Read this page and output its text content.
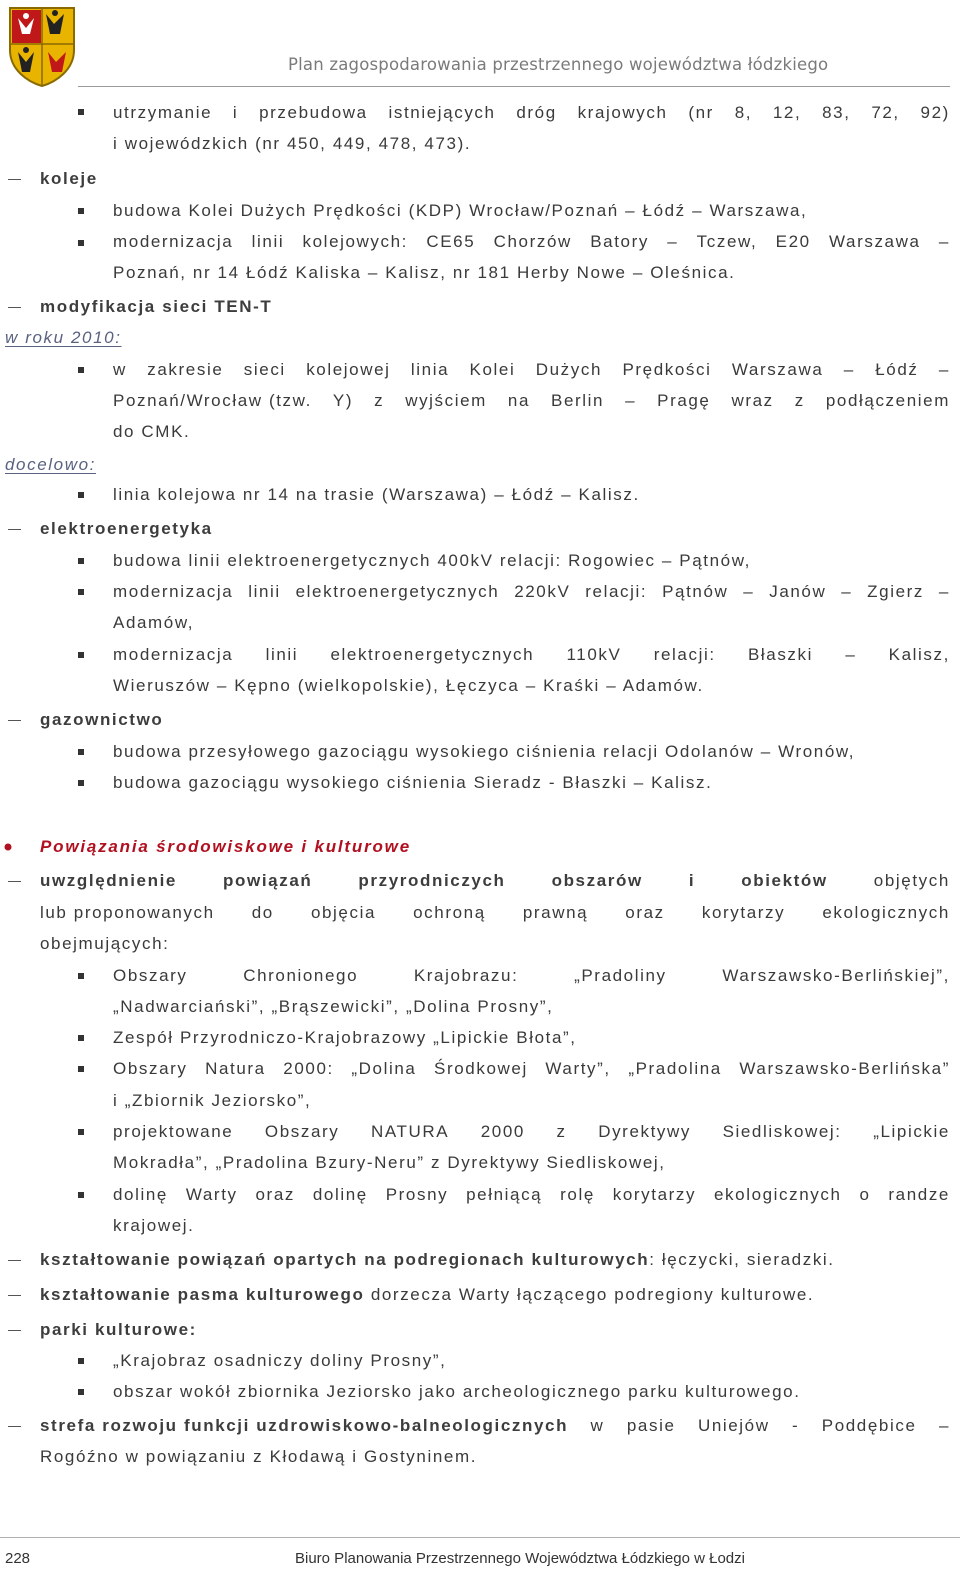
Plan zagospodarowania przestrzennego województwa łódzkiego
utrzymanie i przebudowa istniejących dróg krajowych (nr 8, 12, 83, 72, 92)
i wojewódzkich (nr 450, 449, 478, 473).
koleje
budowa Kolei Dużych Prędkości (KDP) Wrocław/Poznań – Łódź – Warszawa,
modernizacja linii kolejowych: CE65 Chorzów Batory – Tczew, E20 Warszawa –
Poznań, nr 14 Łódź Kaliska – Kalisz, nr 181 Herby Nowe – Oleśnica.
modyfikacja sieci TEN-T
w roku 2010:
w zakresie sieci kolejowej linia Kolei Dużych Prędkości Warszawa – Łódź –
Poznań/Wrocław (tzw. Y) z wyjściem na Berlin – Pragę wraz z podłączeniem
do CMK.
docelowo:
linia kolejowa nr 14 na trasie (Warszawa) – Łódź – Kalisz.
elektroenergetyka
budowa linii elektroenergetycznych 400kV relacji: Rogowiec – Pątnów,
modernizacja linii elektroenergetycznych 220kV relacji: Pątnów – Janów – Zgierz –
Adamów,
modernizacja linii elektroenergetycznych 110kV relacji: Błaszki – Kalisz,
Wieruszów – Kępno (wielkopolskie), Łęczyca – Kraśki – Adamów.
gazownictwo
budowa przesyłowego gazociągu wysokiego ciśnienia relacji Odolanów – Wronów,
budowa gazociągu wysokiego ciśnienia Sieradz - Błaszki – Kalisz.
Powiązania środowiskowe i kulturowe
uwzględnienie	powiązań	przyrodniczych	obszarów	i	obiektów	objętych
lub proponowanych do objęcia ochroną prawną oraz korytarzy ekologicznych
obejmujących:
Obszary	Chronionego	Krajobrazu:	„Pradoliny	Warszawsko-Berlińskiej”,
„Nadwarciański”, „Brąszewicki”, „Dolina Prosny”,
Zespół Przyrodniczo-Krajobrazowy „Lipickie Błota”,
Obszary Natura 2000: „Dolina Środkowej Warty”, „Pradolina Warszawsko-Berlińska”
i „Zbiornik Jeziorsko”,
projektowane Obszary NATURA 2000 z Dyrektywy Siedliskowej: „Lipickie
Mokradła”, „Pradolina Bzury-Neru” z Dyrektywy Siedliskowej,
dolinę Warty oraz dolinę Prosny pełniącą rolę korytarzy ekologicznych o randze
krajowej.
kształtowanie powiązań opartych na podregionach kulturowych: łęczycki, sieradzki.
kształtowanie pasma kulturowego dorzecza Warty łączącego podregiony kulturowe.
parki kulturowe:
„Krajobraz osadniczy doliny Prosny”,
obszar wokół zbiornika Jeziorsko jako archeologicznego parku kulturowego.
strefa rozwoju funkcji uzdrowiskowo-balneologicznych w pasie Uniejów - Poddębice –
Rogóźno w powiązaniu z Kłodawą i Gostyninem.
228	Biuro Planowania Przestrzennego Województwa Łódzkiego w Łodzi
